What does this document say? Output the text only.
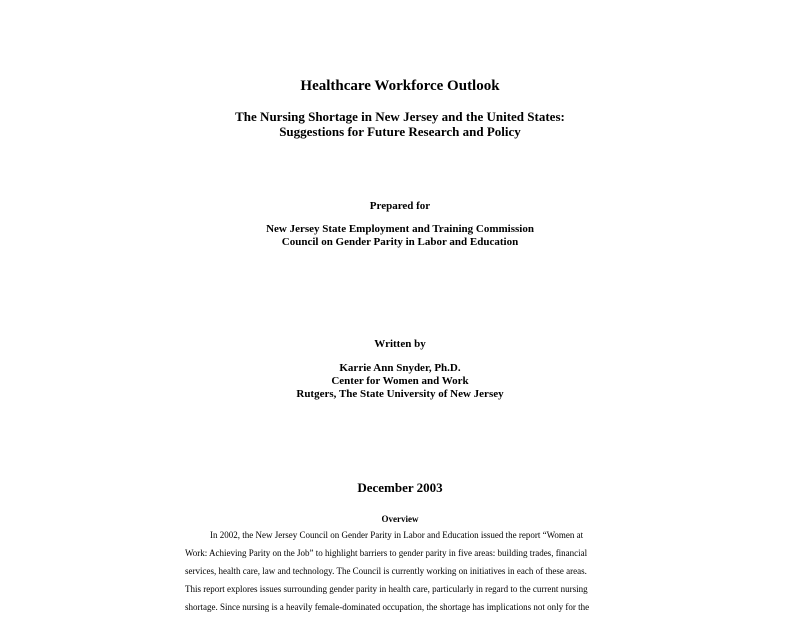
Healthcare Workforce Outlook
The Nursing Shortage in New Jersey and the United States:
Suggestions for Future Research and Policy
Prepared for
New Jersey State Employment and Training Commission
Council on Gender Parity in Labor and Education
Written by
Karrie Ann Snyder, Ph.D.
Center for Women and Work
Rutgers, The State University of New Jersey
December 2003
Overview
In 2002, the New Jersey Council on Gender Parity in Labor and Education issued the report “Women at
Work: Achieving Parity on the Job” to highlight barriers to gender parity in five areas: building trades, financial
services, health care, law and technology. The Council is currently working on initiatives in each of these areas.
This report explores issues surrounding gender parity in health care, particularly in regard to the current nursing
shortage. Since nursing is a heavily female-dominated occupation, the shortage has implications not only for the
